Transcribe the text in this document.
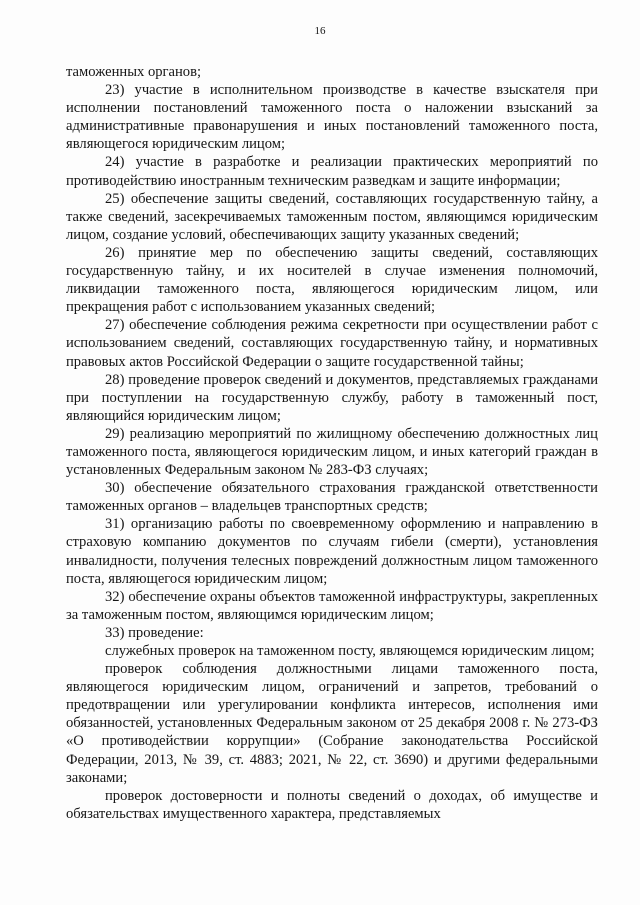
16

таможенных органов;

23) участие в исполнительном производстве в качестве взыскателя при исполнении постановлений таможенного поста о наложении взысканий за административные правонарушения и иных постановлений таможенного поста, являющегося юридическим лицом;

24) участие в разработке и реализации практических мероприятий по противодействию иностранным техническим разведкам и защите информации;

25) обеспечение защиты сведений, составляющих государственную тайну, а также сведений, засекречиваемых таможенным постом, являющимся юридическим лицом, создание условий, обеспечивающих защиту указанных сведений;

26) принятие мер по обеспечению защиты сведений, составляющих государственную тайну, и их носителей в случае изменения полномочий, ликвидации таможенного поста, являющегося юридическим лицом, или прекращения работ с использованием указанных сведений;

27) обеспечение соблюдения режима секретности при осуществлении работ с использованием сведений, составляющих государственную тайну, и нормативных правовых актов Российской Федерации о защите государственной тайны;

28) проведение проверок сведений и документов, представляемых гражданами при поступлении на государственную службу, работу в таможенный пост, являющийся юридическим лицом;

29) реализацию мероприятий по жилищному обеспечению должностных лиц таможенного поста, являющегося юридическим лицом, и иных категорий граждан в установленных Федеральным законом № 283-ФЗ случаях;

30) обеспечение обязательного страхования гражданской ответственности таможенных органов – владельцев транспортных средств;

31) организацию работы по своевременному оформлению и направлению в страховую компанию документов по случаям гибели (смерти), установления инвалидности, получения телесных повреждений должностным лицом таможенного поста, являющегося юридическим лицом;

32) обеспечение охраны объектов таможенной инфраструктуры, закрепленных за таможенным постом, являющимся юридическим лицом;

33) проведение:

служебных проверок на таможенном посту, являющемся юридическим лицом;

проверок соблюдения должностными лицами таможенного поста, являющегося юридическим лицом, ограничений и запретов, требований о предотвращении или урегулировании конфликта интересов, исполнения ими обязанностей, установленных Федеральным законом от 25 декабря 2008 г. № 273-ФЗ «О противодействии коррупции» (Собрание законодательства Российской Федерации, 2013, № 39, ст. 4883; 2021, № 22, ст. 3690) и другими федеральными законами;

проверок достоверности и полноты сведений о доходах, об имуществе и обязательствах имущественного характера, представляемых
